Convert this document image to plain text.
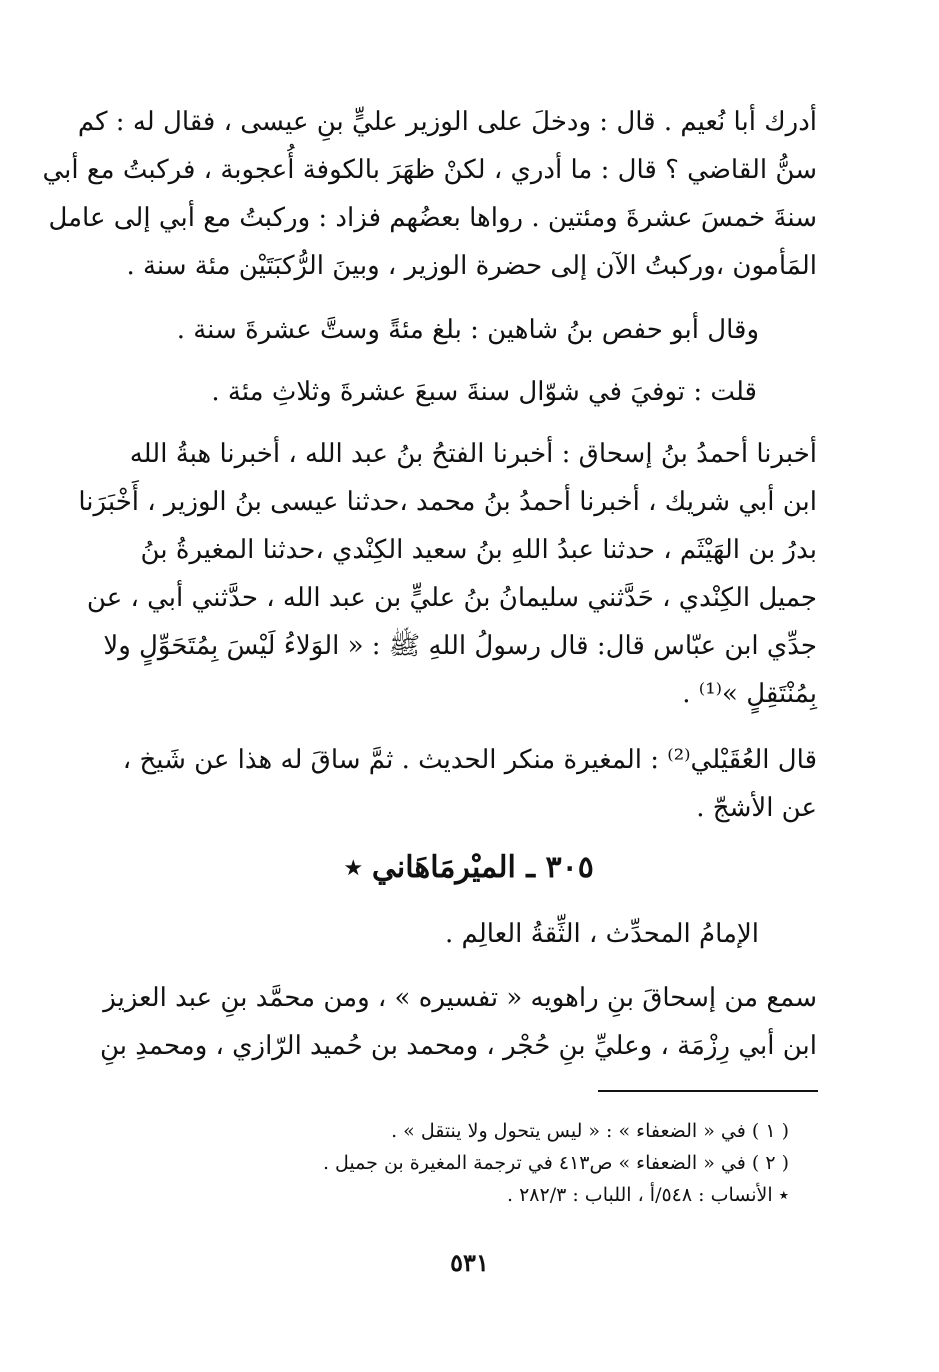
أدرك أبا نُعيم . قال : ودخلَ على الوزير عليٍّ بنِ عيسى ، فقال له : كم
سنُّ القاضي ؟ قال : ما أدري ، لكنْ ظهَرَ بالكوفة أُعجوبة ، فركبتُ مع أبي
سنةَ خمسَ عشرةَ ومئتين . رواها بعضُهم فزاد : وركبتُ مع أبي إلى عامل
المَأمون ،وركبتُ الآن إلى حضرة الوزير ، وبينَ الرُّكبَتَيْن مئة سنة .
وقال أبو حفص بنُ شاهين : بلغ مئةً وستَّ عشرةَ سنة .
قلت : توفيَ في شوّال سنةَ سبعَ عشرةَ وثلاثِ مئة .
أخبرنا أحمدُ بنُ إسحاق : أخبرنا الفتحُ بنُ عبد الله ، أخبرنا هبةُ الله
ابن أبي شريك ، أخبرنا أحمدُ بنُ محمد ،حدثنا عيسى بنُ الوزير ، أَخْبَرَنا
بدرُ بن الهَيْثَم ، حدثنا عبدُ اللهِ بنُ سعيد الكِنْدي ،حدثنا المغيرةُ بنُ
جميل الكِنْدي ، حَدَّثني سليمانُ بنُ عليٍّ بن عبد الله ، حدَّثني أبي ، عن
جدِّي ابن عبّاس قال: قال رسولُ اللهِ ﷺ : « الوَلاءُ لَيْسَ بِمُتَحَوِّلٍ ولا
بِمُنْتَقِلٍ »⁽¹⁾ .
قال العُقَيْلي⁽²⁾ : المغيرة منكر الحديث . ثمَّ ساقَ له هذا عن شَيخ ،
عن الأشجّ .
٣٠٥ ـ الميْرمَاهَاني ٭
الإمامُ المحدِّث ، الثِّقةُ العالِم .
سمع من إسحاقَ بنِ راهويه « تفسيره » ، ومن محمَّد بنِ عبد العزيز
ابن أبي رِزْمَة ، وعليِّ بنِ حُجْر ، ومحمد بن حُميد الرّازي ، ومحمدِ بنِ
( ١ ) في « الضعفاء » : « ليس يتحول ولا ينتقل » .
( ٢ ) في « الضعفاء » ص٤١٣ في ترجمة المغيرة بن جميل .
٭ الأنساب : ٥٤٨/أ ، اللباب : ٢٨٢/٣ .
٥٣١
